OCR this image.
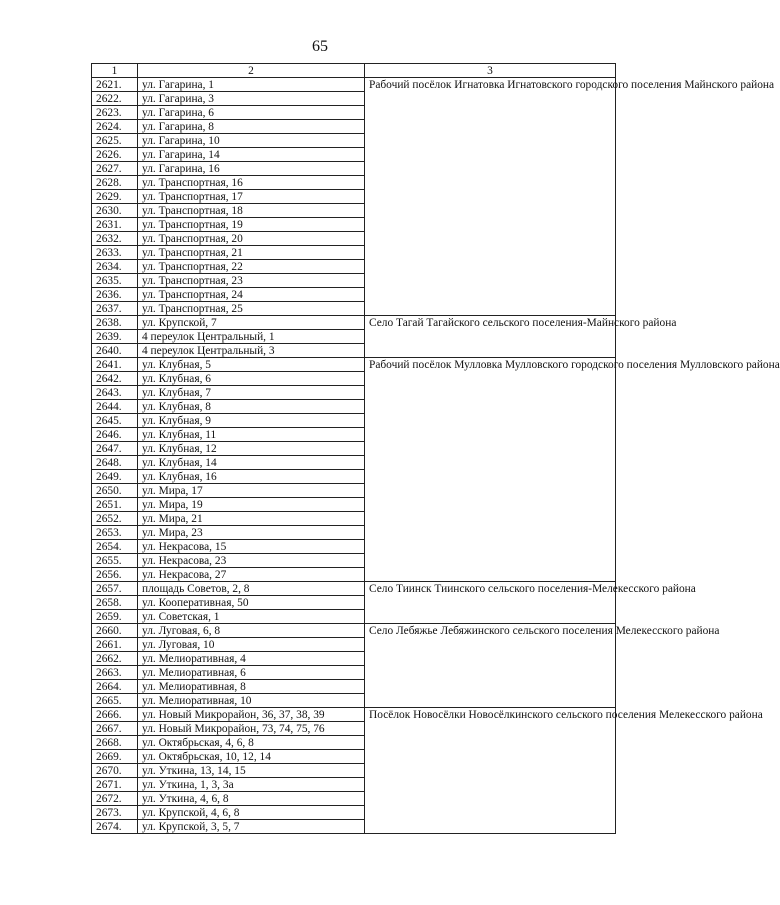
65
1	2	3
2621.	ул. Гагарина, 1	Рабочий посёлок Игнатовка Игнатовского городского поселения Майнского района
2622.	ул. Гагарина, 3	
2623.	ул. Гагарина, 6	
2624.	ул. Гагарина, 8	
2625.	ул. Гагарина, 10	
2626.	ул. Гагарина, 14	
2627.	ул. Гагарина, 16	
2628.	ул. Транспортная, 16	
2629.	ул. Транспортная, 17	
2630.	ул. Транспортная, 18	
2631.	ул. Транспортная, 19	
2632.	ул. Транспортная, 20	
2633.	ул. Транспортная, 21	
2634.	ул. Транспортная, 22	
2635.	ул. Транспортная, 23	
2636.	ул. Транспортная, 24	
2637.	ул. Транспортная, 25	
2638.	ул. Крупской, 7	Село Тагай Тагайского сельского поселения-Майнского района
2639.	4 переулок Центральный, 1	
2640.	4 переулок Центральный, 3	
2641.	ул. Клубная, 5	Рабочий посёлок Мулловка Мулловского городского поселения Мулловского района
2642.	ул. Клубная, 6	
2643.	ул. Клубная, 7	
2644.	ул. Клубная, 8	
2645.	ул. Клубная, 9	
2646.	ул. Клубная, 11	
2647.	ул. Клубная, 12	
2648.	ул. Клубная, 14	
2649.	ул. Клубная, 16	
2650.	ул. Мира, 17	
2651.	ул. Мира, 19	
2652.	ул. Мира, 21	
2653.	ул. Мира, 23	
2654.	ул. Некрасова, 15	
2655.	ул. Некрасова, 23	
2656.	ул. Некрасова, 27	
2657.	площадь Советов, 2, 8	Село Тиинск Тиинского сельского поселения-Мелекесского района
2658.	ул. Кооперативная, 50	
2659.	ул. Советская, 1	
2660.	ул. Луговая, 6, 8	Село Лебяжье Лебяжинского сельского поселения Мелекесского района
2661.	ул. Луговая, 10	
2662.	ул. Мелиоративная, 4	
2663.	ул. Мелиоративная, 6	
2664.	ул. Мелиоративная, 8	
2665.	ул. Мелиоративная, 10	
2666.	ул. Новый Микрорайон, 36, 37, 38, 39	Посёлок Новосёлки Новосёлкинского сельского поселения Мелекесского района
2667.	ул. Новый Микрорайон, 73, 74, 75, 76	
2668.	ул. Октябрьская, 4, 6, 8	
2669.	ул. Октябрьская, 10, 12, 14	
2670.	ул. Уткина, 13, 14, 15	
2671.	ул. Уткина, 1, 3, 3а	
2672.	ул. Уткина, 4, 6, 8	
2673.	ул. Крупской, 4, 6, 8	
2674.	ул. Крупской, 3, 5, 7	
